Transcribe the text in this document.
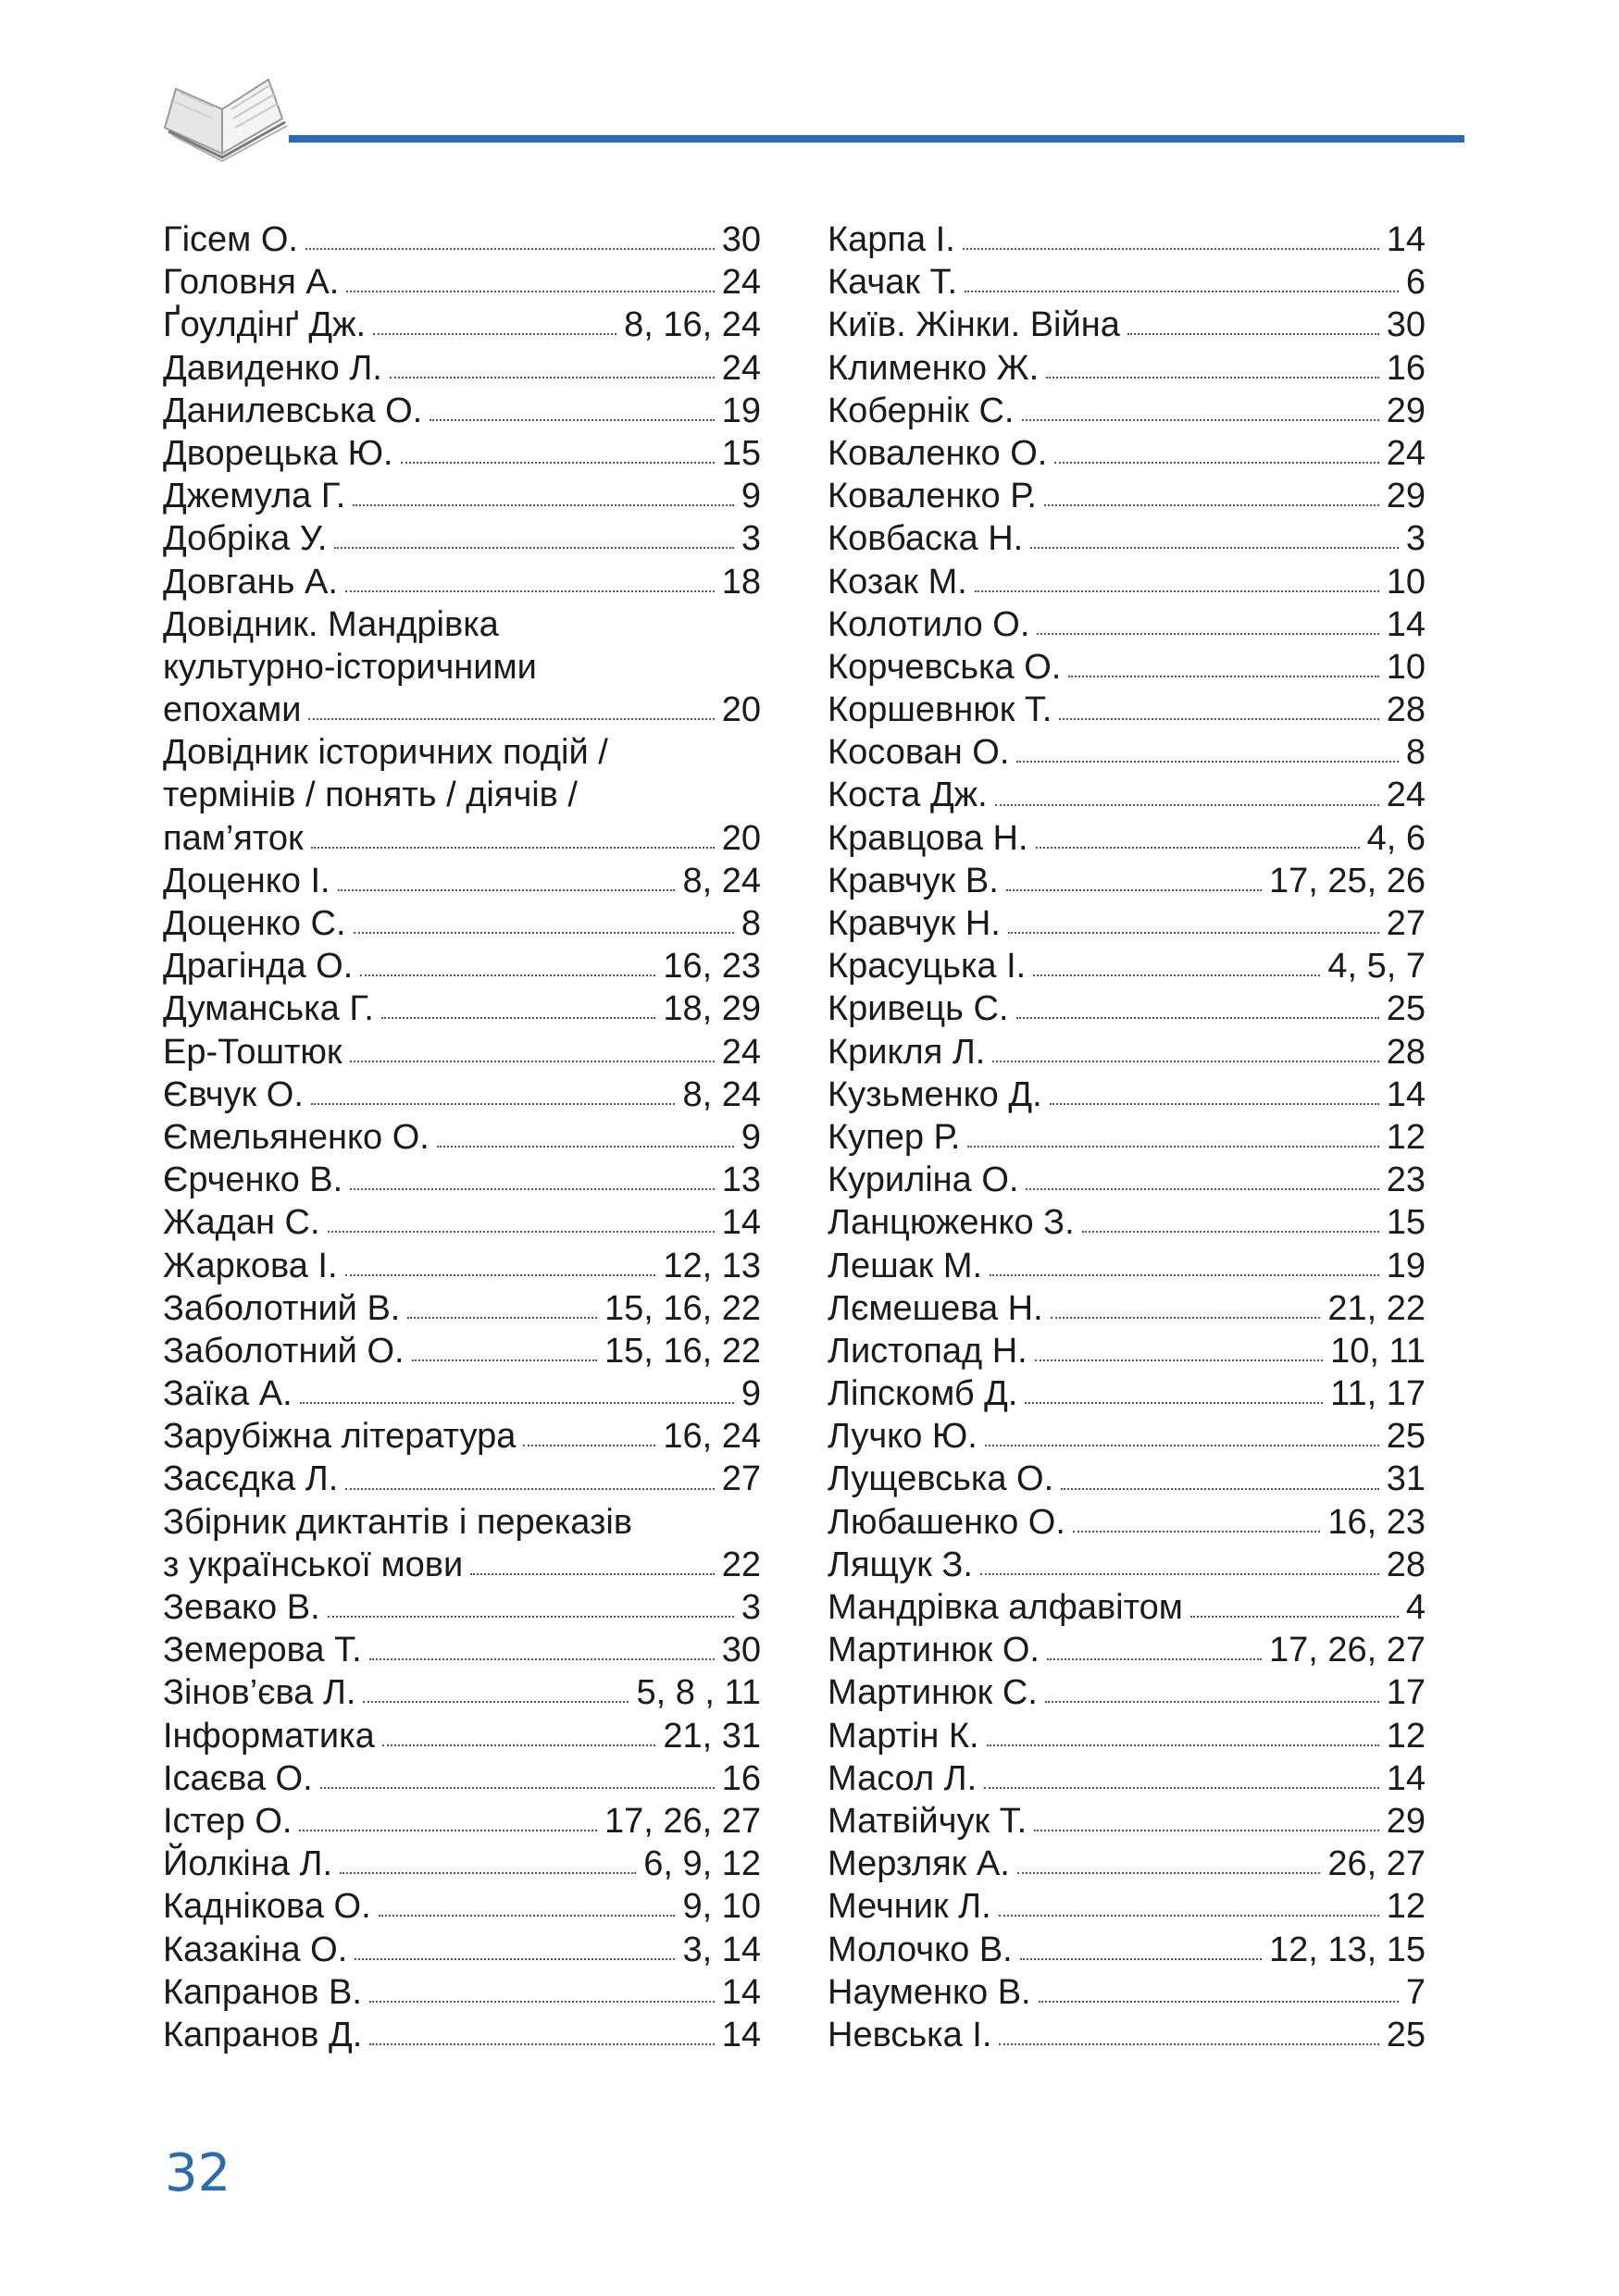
Гісем О.	30
Головня А.	24
Ґоулдінґ Дж.	8, 16, 24
Давиденко Л.	24
Данилевська О.	19
Дворецька Ю.	15
Джемула Г.	9
Добріка У.	3
Довгань А.	18
Довідник. Мандрівка
культурно-історичними
епохами	20
Довідник історичних подій /
термінів / понять / діячів /
пам’яток	20
Доценко І.	8, 24
Доценко С.	8
Драгінда О.	16, 23
Думанська Г.	18, 29
Ер-Тоштюк	24
Євчук О.	8, 24
Ємельяненко О.	9
Єрченко В.	13
Жадан С.	14
Жаркова І.	12, 13
Заболотний В.	15, 16, 22
Заболотний О.	15, 16, 22
Заїка А.	9
Зарубіжна література	16, 24
Засєдка Л.	27
Збірник диктантів і переказів
з української мови	22
Зевако В.	3
Земерова Т.	30
Зінов’єва Л.	5, 8 , 11
Інформатика	21, 31
Ісаєва О.	16
Істер О.	17, 26, 27
Йолкіна Л.	6, 9, 12
Каднікова О.	9, 10
Казакіна О.	3, 14
Капранов В.	14
Капранов Д.	14
Карпа І.	14
Качак Т.	6
Київ. Жінки. Війна	30
Клименко Ж.	16
Кобернік С.	29
Коваленко О.	24
Коваленко Р.	29
Ковбаска Н.	3
Козак М.	10
Колотило О.	14
Корчевська О.	10
Коршевнюк Т.	28
Косован О.	8
Коста Дж.	24
Кравцова Н.	4, 6
Кравчук В.	17, 25, 26
Кравчук Н.	27
Красуцька І.	4, 5, 7
Кривець С.	25
Крикля Л.	28
Кузьменко Д.	14
Купер Р.	12
Куриліна О.	23
Ланцюженко З.	15
Лешак М.	19
Лємешева Н.	21, 22
Листопад Н.	10, 11
Ліпскомб Д.	11, 17
Лучко Ю.	25
Лущевська О.	31
Любашенко О.	16, 23
Лящук З.	28
Мандрівка алфавітом	4
Мартинюк О.	17, 26, 27
Мартинюк С.	17
Мартін К.	12
Масол Л.	14
Матвійчук Т.	29
Мерзляк А.	26, 27
Мечник Л.	12
Молочко В.	12, 13, 15
Науменко В.	7
Невська І.	25
32
